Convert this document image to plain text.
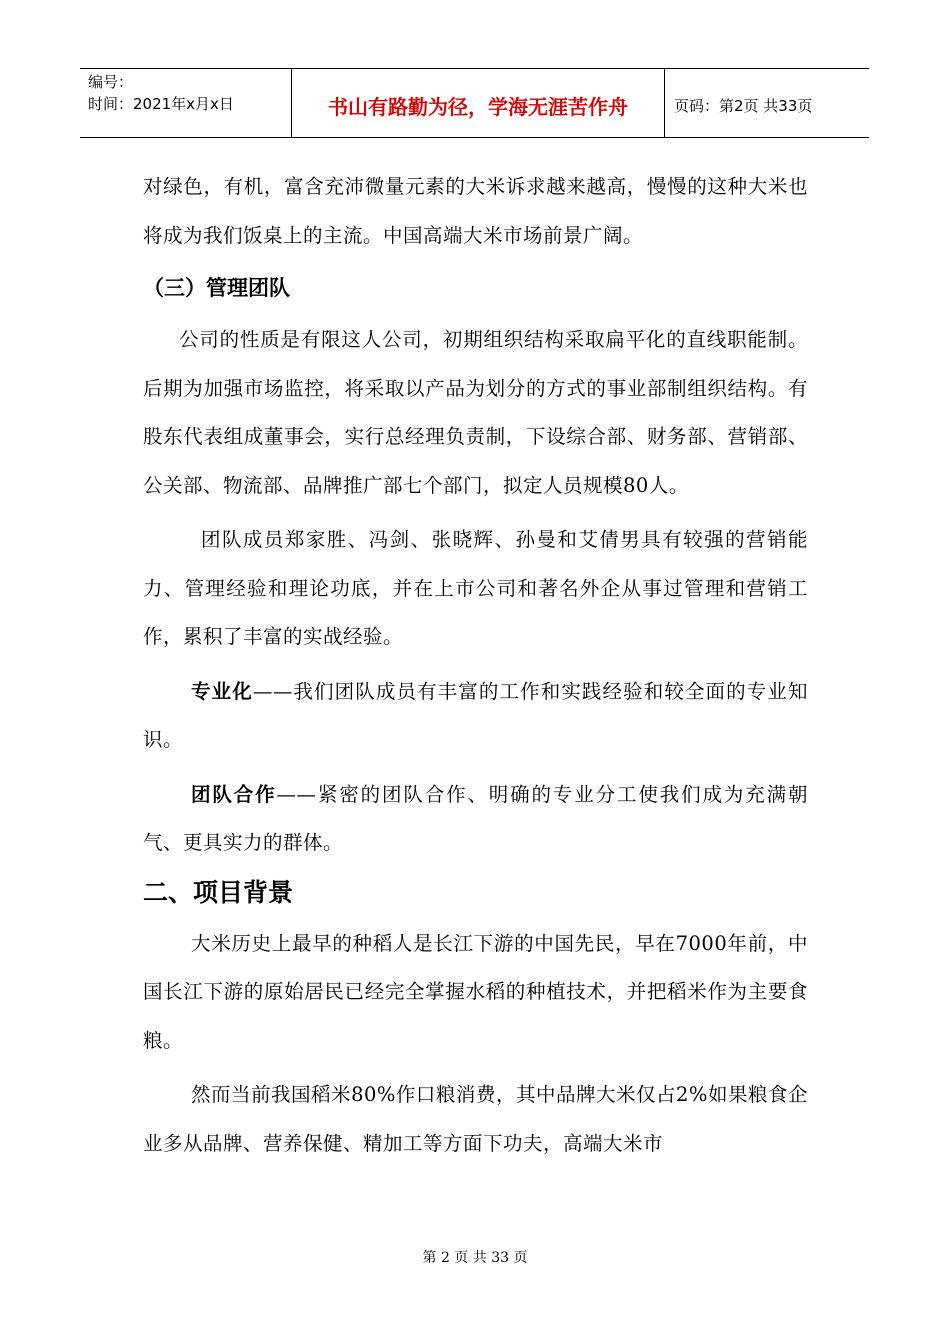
编号：
时间：2021年x月x日	书山有路勤为径，学海无涯苦作舟	页码：第2页 共33页

对绿色，有机，富含充沛微量元素的大米诉求越来越高，慢慢的这种大米也将成为我们饭桌上的主流。中国高端大米市场前景广阔。

（三）管理团队

公司的性质是有限这人公司，初期组织结构采取扁平化的直线职能制。后期为加强市场监控，将采取以产品为划分的方式的事业部制组织结构。有股东代表组成董事会，实行总经理负责制，下设综合部、财务部、营销部、公关部、物流部、品牌推广部七个部门，拟定人员规模80人。

团队成员郑家胜、冯剑、张晓辉、孙曼和艾倩男具有较强的营销能力、管理经验和理论功底，并在上市公司和著名外企从事过管理和营销工作，累积了丰富的实战经验。

专业化——我们团队成员有丰富的工作和实践经验和较全面的专业知识。

团队合作——紧密的团队合作、明确的专业分工使我们成为充满朝气、更具实力的群体。

二、项目背景

大米历史上最早的种稻人是长江下游的中国先民，早在7000年前，中国长江下游的原始居民已经完全掌握水稻的种植技术，并把稻米作为主要食粮。

然而当前我国稻米80%作口粮消费，其中品牌大米仅占2%如果粮食企业多从品牌、营养保健、精加工等方面下功夫，高端大米市

第 2 页 共 33 页
